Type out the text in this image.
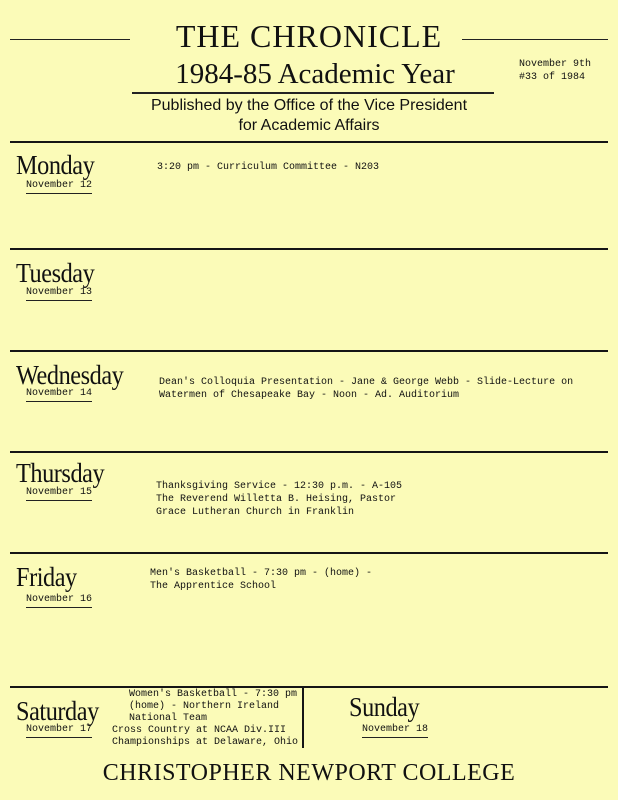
THE CHRONICLE
1984-85 Academic Year	November 9th
#33 of 1984
Published by the Office of the Vice President
for Academic Affairs
Monday
November 12
3:20 pm - Curriculum Committee - N203
Tuesday
November 13
Wednesday
November 14
Dean's Colloquia Presentation - Jane & George Webb - Slide-Lecture on
Watermen of Chesapeake Bay - Noon - Ad. Auditorium
Thursday
November 15
Thanksgiving Service - 12:30 p.m. - A-105
The Reverend Willetta B. Heising, Pastor
Grace Lutheran Church in Franklin
Friday
November 16
Men's Basketball - 7:30 pm - (home) -
The Apprentice School
Saturday
November 17
Women's Basketball - 7:30 pm
(home) - Northern Ireland
National Team
Cross Country at NCAA Div.III
Championships at Delaware, Ohio
Sunday
November 18
CHRISTOPHER NEWPORT COLLEGE
